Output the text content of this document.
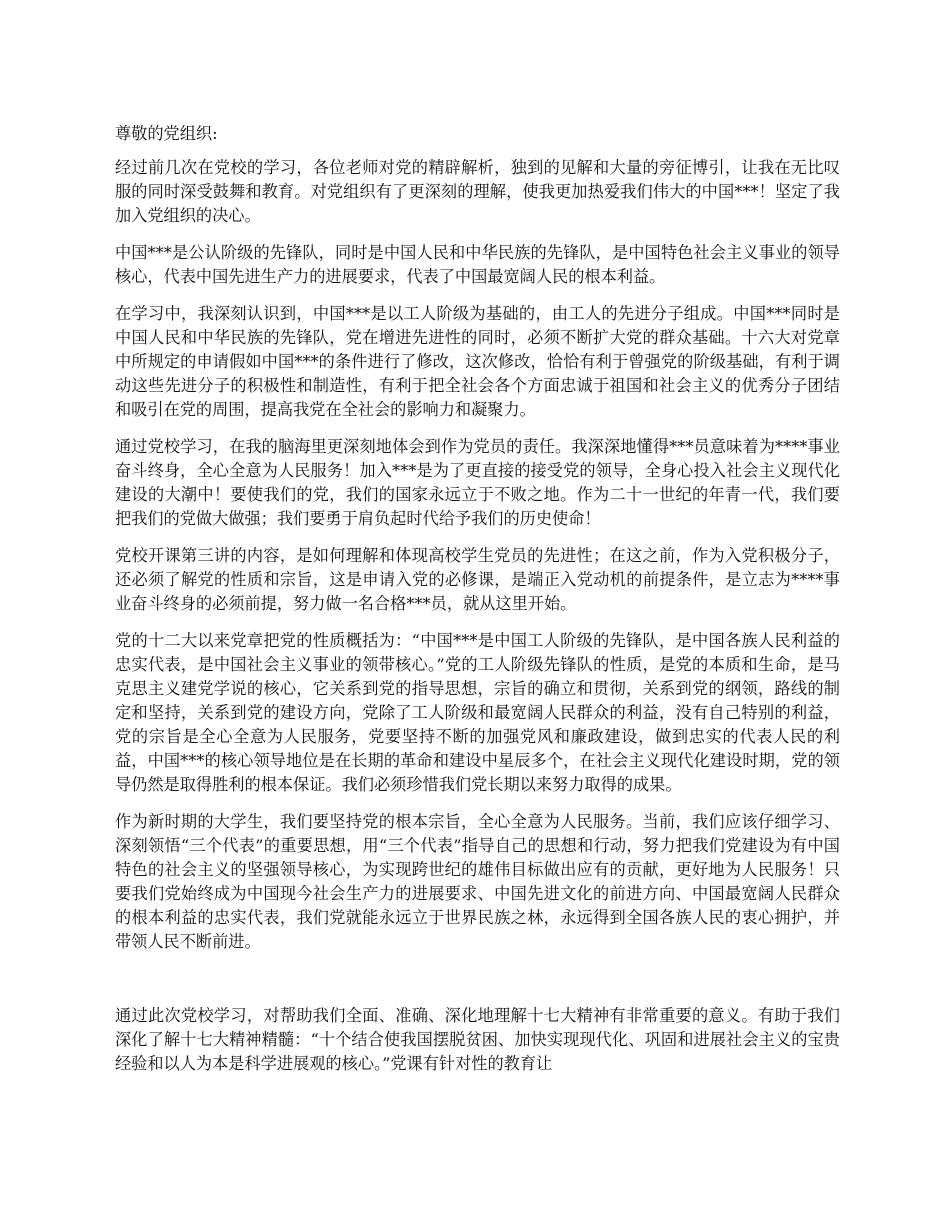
尊敬的党组织:

经过前几次在党校的学习，各位老师对党的精辟解析，独到的见解和大量的旁征博引，让我在无比叹服的同时深受鼓舞和教育。对党组织有了更深刻的理解，使我更加热爱我们伟大的中国***！坚定了我加入党组织的决心。

中国***是公认阶级的先锋队，同时是中国人民和中华民族的先锋队，是中国特色社会主义事业的领导核心，代表中国先进生产力的进展要求，代表了中国最宽阔人民的根本利益。

在学习中，我深刻认识到，中国***是以工人阶级为基础的，由工人的先进分子组成。中国***同时是中国人民和中华民族的先锋队，党在增进先进性的同时，必须不断扩大党的群众基础。十六大对党章中所规定的申请假如中国***的条件进行了修改，这次修改，恰恰有利于曾强党的阶级基础，有利于调动这些先进分子的积极性和制造性，有利于把全社会各个方面忠诚于祖国和社会主义的优秀分子团结和吸引在党的周围，提高我党在全社会的影响力和凝聚力。

通过党校学习，在我的脑海里更深刻地体会到作为党员的责任。我深深地懂得***员意味着为****事业奋斗终身，全心全意为人民服务！加入***是为了更直接的接受党的领导，全身心投入社会主义现代化建设的大潮中！要使我们的党，我们的国家永远立于不败之地。作为二十一世纪的年青一代，我们要把我们的党做大做强；我们要勇于肩负起时代给予我们的历史使命！

党校开课第三讲的内容，是如何理解和体现高校学生党员的先进性；在这之前，作为入党积极分子，还必须了解党的性质和宗旨，这是申请入党的必修课，是端正入党动机的前提条件，是立志为****事业奋斗终身的必须前提，努力做一名合格***员，就从这里开始。

党的十二大以来党章把党的性质概括为：“中国***是中国工人阶级的先锋队，是中国各族人民利益的忠实代表，是中国社会主义事业的领带核心。”党的工人阶级先锋队的性质，是党的本质和生命，是马克思主义建党学说的核心，它关系到党的指导思想，宗旨的确立和贯彻，关系到党的纲领，路线的制定和坚持，关系到党的建设方向，党除了工人阶级和最宽阔人民群众的利益，没有自己特别的利益，党的宗旨是全心全意为人民服务，党要坚持不断的加强党风和廉政建设，做到忠实的代表人民的利益，中国***的核心领导地位是在长期的革命和建设中星辰多个，在社会主义现代化建设时期，党的领导仍然是取得胜利的根本保证。我们必须珍惜我们党长期以来努力取得的成果。

作为新时期的大学生，我们要坚持党的根本宗旨，全心全意为人民服务。当前，我们应该仔细学习、深刻领悟“三个代表”的重要思想，用“三个代表”指导自己的思想和行动，努力把我们党建设为有中国特色的社会主义的坚强领导核心，为实现跨世纪的雄伟目标做出应有的贡献，更好地为人民服务！只要我们党始终成为中国现今社会生产力的进展要求、中国先进文化的前进方向、中国最宽阔人民群众的根本利益的忠实代表，我们党就能永远立于世界民族之林，永远得到全国各族人民的衷心拥护，并带领人民不断前进。

通过此次党校学习，对帮助我们全面、准确、深化地理解十七大精神有非常重要的意义。有助于我们深化了解十七大精神精髓：“十个结合使我国摆脱贫困、加快实现现代化、巩固和进展社会主义的宝贵经验和以人为本是科学进展观的核心。”党课有针对性的教育让
